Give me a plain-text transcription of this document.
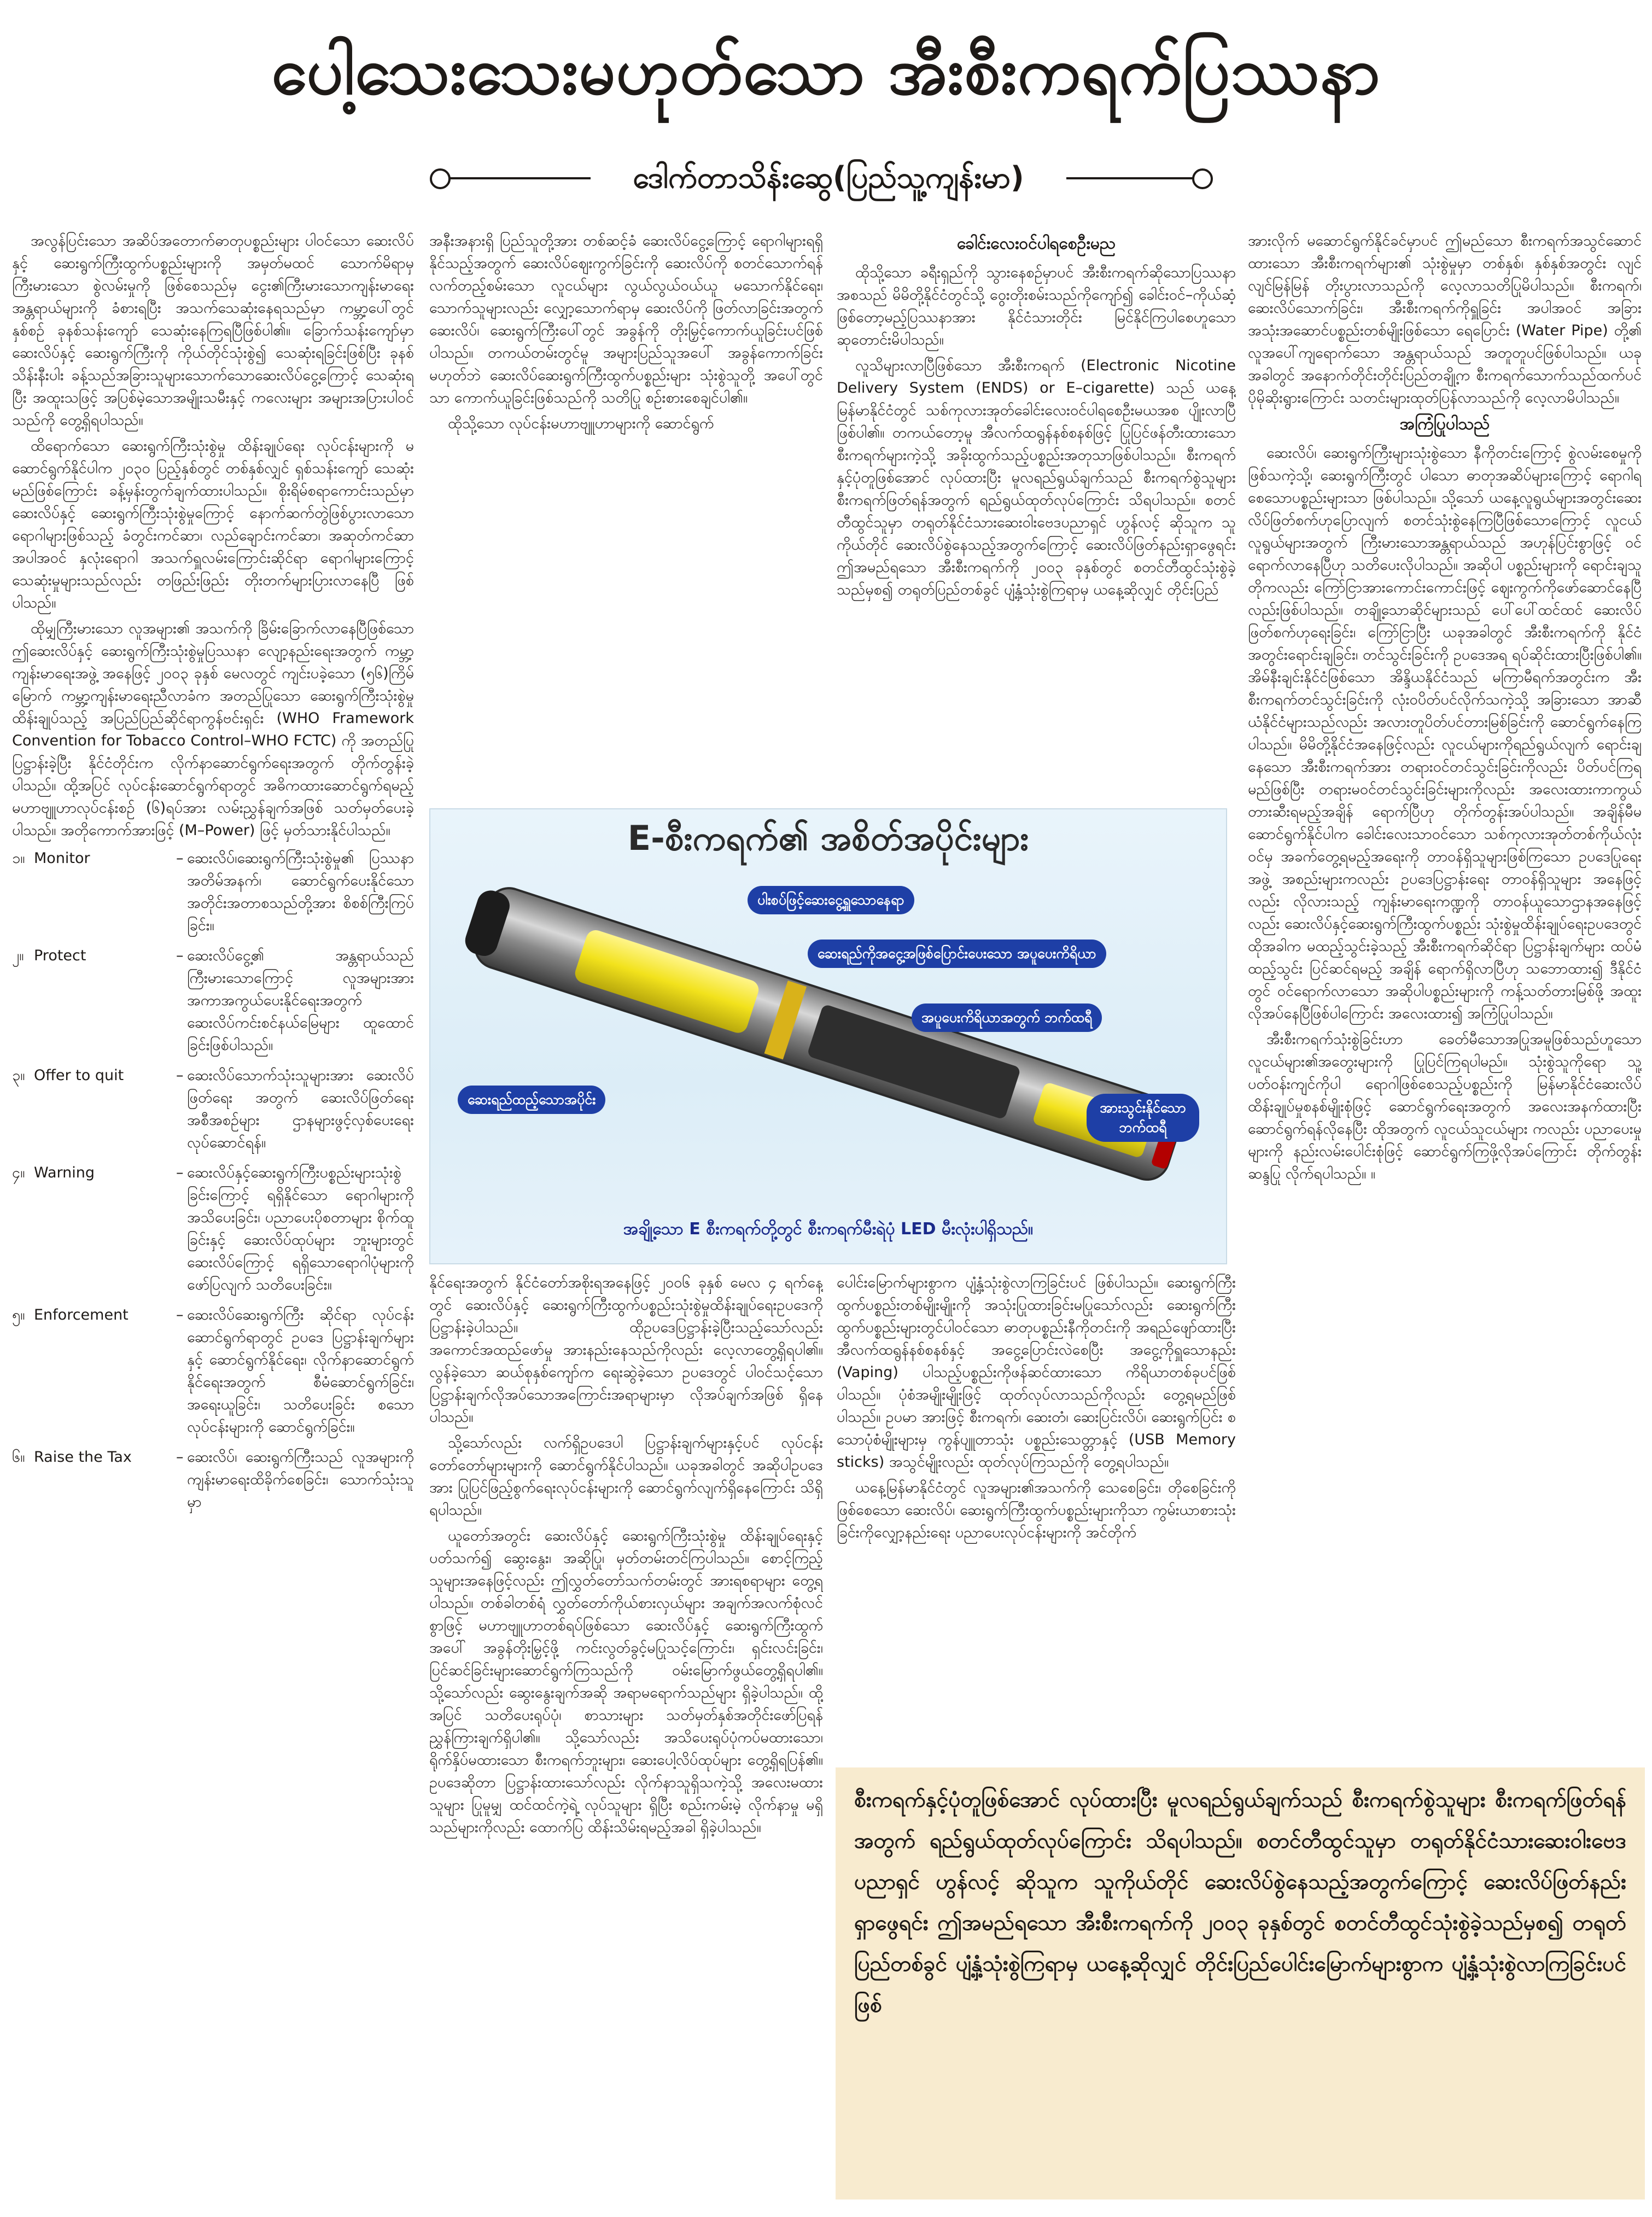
ပေါ့သေးသေးမဟုတ်သော အီးစီးကရက်ပြဿနာ
ဒေါက်တာသိန်းဆွေ(ပြည်သူ့ကျန်းမာ)

အလွန်ပြင်းသော အဆိပ်အတောက်ဓာတုပစ္စည်းများ ပါဝင်သော ဆေးလိပ်နှင့် ဆေးရွက်ကြီးထွက်ပစ္စည်းများကို အမှတ်မထင် သောက်မိရာမှ ကြီးမားသော စွဲလမ်းမှုကို ဖြစ်စေသည်မှ ငွေး၏ကြီးမားသောကျန်းမာရေးအန္တရာယ်များကို ခံစားရပြီး အသက်သေဆုံးနေရသည်မှာ ကမ္ဘာ့ပေါ်တွင် နှစ်စဉ် ခုနစ်သန်းကျော် သေဆုံးနေကြရပြီဖြစ်ပါ၏။ ခြောက်သန်းကျော်မှာ ဆေးလိပ်နှင့် ဆေးရွက်ကြီးကို ကိုယ်တိုင်သုံးစွဲ၍ သေဆုံးရခြင်းဖြစ်ပြီး ခုနစ်သိန်းနီးပါး ခန့်သည်အခြားသူများသောက်သောဆေးလိပ်ငွေ့ကြောင့် သေဆုံးရပြီး အထူးသဖြင့် အပြစ်မဲ့သောအမျိုးသမီးနှင့် ကလေးများ အများအပြားပါဝင်သည်ကို တွေ့ရှိရပါသည်။

ထိရောက်သော ဆေးရွက်ကြီးသုံးစွဲမှု ထိန်းချုပ်ရေး လုပ်ငန်းများကို မဆောင်ရွက်နိုင်ပါက ၂၀၃၀ ပြည့်နှစ်တွင် တစ်နှစ်လျှင် ရှစ်သန်းကျော် သေဆုံးမည်ဖြစ်ကြောင်း ခန့်မှန်းတွက်ချက်ထားပါသည်။ စိုးရိမ်စရာကောင်းသည်မှာ ဆေးလိပ်နှင့် ဆေးရွက်ကြီးသုံးစွဲမှုကြောင့် နောက်ဆက်တွဲဖြစ်ပွားလာသော ရောဂါများဖြစ်သည့် ခံတွင်းကင်ဆာ၊ လည်ချောင်းကင်ဆာ၊ အဆုတ်ကင်ဆာ အပါအဝင် နှလုံးရောဂါ အသက်ရှူလမ်းကြောင်းဆိုင်ရာ ရောဂါများကြောင့် သေဆုံးမှုများသည်လည်း တဖြည်းဖြည်း တိုးတက်များပြားလာနေပြီ ဖြစ်ပါသည်။

ထိုမျှကြီးမားသော လူအများ၏ အသက်ကို ခြိမ်းခြောက်လာနေပြီဖြစ်သော ဤဆေးလိပ်နှင့် ဆေးရွက်ကြီးသုံးစွဲမှုပြဿနာ လျော့နည်းရေးအတွက် ကမ္ဘာ့ကျန်းမာရေးအဖွဲ့ အနေဖြင့် ၂၀၀၃ ခုနှစ် မေလတွင် ကျင်းပခဲ့သော (၅၆)ကြိမ်မြောက် ကမ္ဘာ့ကျန်းမာရေးညီလာခံက အတည်ပြုသော ဆေးရွက်ကြီးသုံးစွဲမှုထိန်းချုပ်သည့် အပြည်ပြည်ဆိုင်ရာကွန်ဗင်းရှင်း (WHO Framework Convention for Tobacco Control–WHO FCTC) ကို အတည်ပြုပြဋ္ဌာန်းခဲ့ပြီး နိုင်ငံတိုင်းက လိုက်နာဆောင်ရွက်ရေးအတွက် တိုက်တွန်းခဲ့ပါသည်။ ထို့အပြင် လုပ်ငန်းဆောင်ရွက်ရာတွင် အဓိကထားဆောင်ရွက်ရမည့် မဟာဗျူဟာလုပ်ငန်းစဉ် (၆)ရပ်အား လမ်းညွှန်ချက်အဖြစ် သတ်မှတ်ပေးခဲ့ပါသည်။ အတိုကောက်အားဖြင့် (M–Power) ဖြင့် မှတ်သားနိုင်ပါသည်။

၁။ Monitor	– ဆေးလိပ်၊ဆေးရွက်ကြီးသုံးစွဲမှု၏ ပြဿနာအတိမ်အနက်၊ ဆောင်ရွက်ပေးနိုင်သော အတိုင်းအတာစသည်တို့အား စိစစ်ကြီးကြပ်ခြင်း။
၂။ Protect	– ဆေးလိပ်ငွေ့၏ အန္တရာယ်သည် ကြီးမားသောကြောင့် လူအများအား အကာအကွယ်ပေးနိုင်ရေးအတွက် ဆေးလိပ်ကင်းစင်နယ်မြေများ ထူထောင်ခြင်းဖြစ်ပါသည်။
၃။ Offer to quit	– ဆေးလိပ်သောက်သုံးသူများအား ဆေးလိပ်ဖြတ်ရေး အတွက် ဆေးလိပ်ဖြတ်ရေး အစီအစဉ်များ ဌာနများဖွင့်လှစ်ပေးရေး လုပ်ဆောင်ရန်။
၄။ Warning	– ဆေးလိပ်နှင့်ဆေးရွက်ကြီးပစ္စည်းများသုံးစွဲခြင်းကြောင့် ရရှိနိုင်သော ရောဂါများကို အသိပေးခြင်း၊ ပညာပေးပိုစတာများ စိုက်ထူခြင်းနှင့် ဆေးလိပ်ထုပ်များ ဘူးများတွင် ဆေးလိပ်ကြောင့် ရရှိသောရောဂါပုံများကို ဖော်ပြလျက် သတိပေးခြင်း။
၅။ Enforcement	– ဆေးလိပ်ဆေးရွက်ကြီး ဆိုင်ရာ လုပ်ငန်း ဆောင်ရွက်ရာတွင် ဥပဒေ ပြဋ္ဌာန်းချက်များနှင့် ဆောင်ရွက်နိုင်ရေး၊ လိုက်နာဆောင်ရွက်နိုင်ရေးအတွက် စီမံဆောင်ရွက်ခြင်း၊ အရေးယူခြင်း၊ သတိပေးခြင်း စသောလုပ်ငန်းများကို ဆောင်ရွက်ခြင်း။
၆။ Raise the Tax	– ဆေးလိပ်၊ ဆေးရွက်ကြီးသည် လူအများကို ကျန်းမာရေးထိခိုက်စေခြင်း၊ သောက်သုံးသူမှာ

အနီးအနားရှိ ပြည်သူတို့အား တစ်ဆင့်ခံ ဆေးလိပ်ငွေ့ကြောင့် ရောဂါများရရှိနိုင်သည့်အတွက် ဆေးလိပ်ဈေးကွက်ခြင်းကို ဆေးလိပ်ကို စတင်သောက်ရန် လက်တည့်စမ်းသော လူငယ်များ လွယ်လွယ်ဝယ်ယူ မသောက်နိုင်ရေး၊ သောက်သူများလည်း လျှော့သောက်ရာမှ ဆေးလိပ်ကို ဖြတ်လာခြင်းအတွက် ဆေးလိပ်၊ ဆေးရွက်ကြီးပေါ်တွင် အခွန်ကို တိုးမြှင့်ကောက်ယူခြင်းပင်ဖြစ်ပါသည်။ တကယ်တမ်းတွင်မူ အများပြည်သူအပေါ် အခွန်ကောက်ခြင်းမဟုတ်ဘဲ ဆေးလိပ်ဆေးရွက်ကြီးထွက်ပစ္စည်းများ သုံးစွဲသူတို့ အပေါ်တွင်သာ ကောက်ယူခြင်းဖြစ်သည်ကို သတိပြု စဉ်းစားစေချင်ပါ၏။

ထိုသို့သော လုပ်ငန်းမဟာဗျူဟာများကို ဆောင်ရွက်

ခေါင်းလေးဝင်ပါရစေဦးမည

ထိုသို့သော ခရီးရှည်ကို သွားနေစဉ်မှာပင် အီးစီးကရက်ဆိုသောပြဿနာအစသည် မိမိတို့နိုင်ငံတွင်သို့ ဝွေးတိုးစမ်းသည်ကိုကျော်၍ ခေါင်းဝင်–ကိုယ်ဆံ့ဖြစ်တော့မည့်ပြဿနာအား နိုင်ငံသားတိုင်း မြင်နိုင်ကြပါစေဟူသော ဆုတောင်းမိပါသည်။

လူသိများလာပြီဖြစ်သော အီးစီးကရက် (Electronic Nicotine Delivery System (ENDS) or E–cigarette) သည် ယနေ့မြန်မာနိုင်ငံတွင် သစ်ကုလားအုတ်ခေါင်းလေးဝင်ပါရစေဦးမယအစ ပျိုးလာပြီဖြစ်ပါ၏။ တကယ်တော့မူ အီလက်ထရွန်နစ်စနစ်ဖြင့် ပြုပြင်ဖန်တီးထားသော စီးကရက်များကဲ့သို့ အခိုးထွက်သည့်ပစ္စည်းအတုသာဖြစ်ပါသည်။ စီးကရက်နှင့်ပုံတူဖြစ်အောင် လုပ်ထားပြီး မူလရည်ရွယ်ချက်သည် စီးကရက်စွဲသူများ စီးကရက်ဖြတ်ရန်အတွက် ရည်ရွယ်ထုတ်လုပ်ကြောင်း သိရပါသည်။ စတင်တီထွင်သူမှာ တရုတ်နိုင်ငံသားဆေးဝါးဗေဒပညာရှင် ဟွန်လင့် ဆိုသူက သူကိုယ်တိုင် ဆေးလိပ်စွဲနေသည့်အတွက်ကြောင့် ဆေးလိပ်ဖြတ်နည်းရှာဖွေရင်း ဤအမည်ရသော အီးစီးကရက်ကို ၂၀၀၃ ခုနှစ်တွင် စတင်တီထွင်သုံးစွဲခဲ့သည်မှစ၍ တရုတ်ပြည်တစ်ခွင် ပျံ့နှံ့သုံးစွဲကြရာမှ ယနေ့ဆိုလျှင် တိုင်းပြည်

အားလိုက် မဆောင်ရွက်နိုင်ခင်မှာပင် ဤမည်သော စီးကရက်အသွင်ဆောင်ထားသော အီးစီးကရက်များ၏ သုံးစွဲမှုမှာ တစ်နှစ်၊ နှစ်နှစ်အတွင်း လျင်လျင်မြန်မြန် တိုးပွားလာသည်ကို လေ့လာသတိပြုမိပါသည်။ စီးကရက်၊ ဆေးလိပ်သောက်ခြင်း၊ အီးစီးကရက်ကိုရှူခြင်း အပါအဝင် အခြားအသုံးအဆောင်ပစ္စည်းတစ်မျိုးဖြစ်သော ရေပြောင်း (Water Pipe) တို့၏ လူအပေါ်ကျရောက်သော အန္တရာယ်သည် အတူတူပင်ဖြစ်ပါသည်။ ယခုအခါတွင် အနောက်တိုင်းတိုင်းပြည်တချို့က စီးကရက်သောက်သည်ထက်ပင် ပိုမိုဆိုးရွားကြောင်း သတင်းများထုတ်ပြန်လာသည်ကို လေ့လာမိပါသည်။

အကြံပြုပါသည်

ဆေးလိပ်၊ ဆေးရွက်ကြီးများသုံးစွဲသော နီကိုတင်းကြောင့် စွဲလမ်းစေမှုကိုဖြစ်သကဲ့သို့၊ ဆေးရွက်ကြီးတွင် ပါသော ဓာတုအဆိပ်များကြောင့် ရောဂါရစေသောပစ္စည်းများသာ ဖြစ်ပါသည်။ သို့သော် ယနေ့လူရွယ်များအတွင်းဆေးလိပ်ဖြတ်စက်ဟုပြောလျက် စတင်သုံးစွဲနေကြပြီဖြစ်သောကြောင့် လူငယ်လူရွယ်များအတွက် ကြီးမားသောအန္တရာယ်သည် အဟုန်ပြင်းစွာဖြင့် ဝင်ရောက်လာနေပြီဟု သတိပေးလိုပါသည်။ အဆိုပါ ပစ္စည်းများကို ရောင်းချသူတိုကလည်း ကြော်ငြာအားကောင်းကောင်းဖြင့် ဈေးကွက်ကိုဖော်ဆောင်နေပြီလည်းဖြစ်ပါသည်။ တချို့သောဆိုင်များသည် ပေါ်ပေါ်ထင်ထင် ဆေးလိပ်ဖြတ်စက်ဟုရေးခြင်း၊ ကြော်ငြာပြီး ယခုအခါတွင် အီးစီးကရက်ကို နိုင်ငံအတွင်းရောင်းချခြင်း၊ တင်သွင်းခြင်းကို ဥပဒေအရ ရပ်ဆိုင်းထားပြီးဖြစ်ပါ၏။ အိမ်နီးချင်းနိုင်ငံဖြစ်သော အိန္ဒိယနိုင်ငံသည် မကြာမီရက်အတွင်းက အီးစီးကရက်တင်သွင်းခြင်းကို လုံးဝပိတ်ပင်လိုက်သကဲ့သို့ အခြားသော အာဆီယံနိုင်ငံများသည်လည်း အလားတူပိတ်ပင်တားမြစ်ခြင်းကို ဆောင်ရွက်နေကြပါသည်။ မိမိတို့နိုင်ငံအနေဖြင့်လည်း လူငယ်များကိုရည်ရွယ်လျက် ရောင်းချနေသော အီးစီးကရက်အား တရားဝင်တင်သွင်းခြင်းကိုလည်း ပိတ်ပင်ကြရမည်ဖြစ်ပြီး တရားမဝင်တင်သွင်းခြင်းများကိုလည်း အလေးထားကာကွယ်တားဆီးရမည့်အချိန် ရောက်ပြီဟု တိုက်တွန်းအပ်ပါသည်။ အချိန်မီမဆောင်ရွက်နိုင်ပါက ခေါင်းလေးသာဝင်သော သစ်ကုလားအုတ်တစ်ကိုယ်လုံးဝင်မှ အခက်တွေ့ရမည့်အရေးကို တာဝန်ရှိသူများဖြစ်ကြသော ဥပဒေပြုရေးအဖွဲ့ အစည်းများကလည်း ဥပဒေပြဋ္ဌာန်းရေး တာဝန်ရှိသူများ အနေဖြင့်လည်း လိုလားသည့် ကျန်းမာရေးကဏ္ဍကို တာဝန်ယူသောဌာနအနေဖြင့်လည်း ဆေးလိပ်နှင့်ဆေးရွက်ကြီးထွက်ပစ္စည်း သုံးစွဲမှုထိန်းချုပ်ရေးဥပဒေတွင် ထိုအခါက မထည့်သွင်းခဲ့သည့် အီးစီးကရက်ဆိုင်ရာ ပြဋ္ဌာန်းချက်များ ထပ်မံထည့်သွင်း ပြင်ဆင်ရမည့် အချိန် ရောက်ရှိလာပြီဟု သဘောထား၍ ဒီနိုင်ငံတွင် ဝင်ရောက်လာသော အဆိုပါပစ္စည်းများကို ကန့်သတ်တားမြစ်ဖို့ အထူးလိုအပ်နေပြီဖြစ်ပါကြောင်း အလေးထား၍ အကြံပြုပါသည်။

အီးစီးကရက်သုံးစွဲခြင်းဟာ ခေတ်မီသောအပြုအမူဖြစ်သည်ဟူသော လူငယ်များ၏အတွေးများကို ပြုပြင်ကြရပါမည်။ သုံးစွဲသူကိုရော သူ့ပတ်ဝန်းကျင်ကိုပါ ရောဂါဖြစ်စေသည့်ပစ္စည်းကို မြန်မာနိုင်ငံဆေးလိပ်ထိန်းချုပ်မှုစနစ်မျိုးစုံဖြင့် ဆောင်ရွက်ရေးအတွက် အလေးအနက်ထားပြီး ဆောင်ရွက်ရန်လိုနေပြီး ထိုအတွက် လူငယ်သူငယ်များ ကလည်း ပညာပေးမှုများကို နည်းလမ်းပေါင်းစုံဖြင့် ဆောင်ရွက်ကြဖို့လိုအပ်ကြောင်း တိုက်တွန်းဆန္ဒပြု လိုက်ရပါသည်။ ။

E-စီးကရက်၏ အစိတ်အပိုင်းများ
ပါးစပ်ဖြင့်ဆေးငွေ့ရှူသောနေရာ
ဆေးရည်ကိုအငွေ့အဖြစ်ပြောင်းပေးသော အပူပေးကိရိယာ
အပူပေးကိရိယာအတွက် ဘက်ထရီ
ဆေးရည်ထည့်သောအပိုင်း
အားသွင်းနိုင်သော ဘက်ထရီ
အချို့သော E စီးကရက်တို့တွင် စီးကရက်မီးရဲပုံ LED မီးလုံးပါရှိသည်။

နိုင်ရေးအတွက် နိုင်ငံတော်အစိုးရအနေဖြင့် ၂၀၀၆ ခုနှစ် မေလ ၄ ရက်နေ့တွင် ဆေးလိပ်နှင့် ဆေးရွက်ကြီးထွက်ပစ္စည်းသုံးစွဲမှုထိန်းချုပ်ရေးဥပဒေကို ပြဋ္ဌာန်းခဲ့ပါသည်။ ထိုဥပဒေပြဋ္ဌာန်းခဲ့ပြီးသည့်သော်လည်း အကောင်အထည်ဖော်မှု အားနည်းနေသည်ကိုလည်း လေ့လာတွေ့ရှိရပါ၏။ လွန်ခဲ့သော ဆယ်စုနှစ်ကျော်က ရေးဆွဲခဲ့သော ဥပဒေတွင် ပါဝင်သင့်သော ပြဋ္ဌာန်းချက်လိုအပ်သောအကြောင်းအရာများမှာ လိုအပ်ချက်အဖြစ် ရှိနေပါသည်။

သို့သော်လည်း လက်ရှိဥပဒေပါ ပြဋ္ဌာန်းချက်များနှင့်ပင် လုပ်ငန်းတော်တော်များများကို ဆောင်ရွက်နိုင်ပါသည်။ ယခုအခါတွင် အဆိုပါဥပဒေအား ပြုပြင်ဖြည့်စွက်ရေးလုပ်ငန်းများကို ဆောင်ရွက်လျက်ရှိနေကြောင်း သိရှိရပါသည်။

ယူတော်အတွင်း ဆေးလိပ်နှင့် ဆေးရွက်ကြီးသုံးစွဲမှု ထိန်းချုပ်ရေးနှင့်ပတ်သက်၍ ဆွေးနွေး၊ အဆိုပြု၊ မှတ်တမ်းတင်ကြပါသည်။ စောင့်ကြည့်သူများအနေဖြင့်လည်း ဤလွှတ်တော်သက်တမ်းတွင် အားရစရာများ တွေ့ရပါသည်။ တစ်ခါတစ်ရံ လွှတ်တော်ကိုယ်စားလှယ်များ အချက်အလက်စုံလင်စွာဖြင့် မဟာဗျူဟာတစ်ရပ်ဖြစ်သော ဆေးလိပ်နှင့် ဆေးရွက်ကြီးထွက်အပေါ် အခွန်တိုးမြှင့်ဖို့ ကင်းလွတ်ခွင့်မပြုသင့်ကြောင်း၊ ရှင်းလင်းခြင်း၊ ပြင်ဆင်ခြင်းများဆောင်ရွက်ကြသည်ကို ဝမ်းမြောက်ဖွယ်တွေ့ရှိရပါ၏။ သို့သော်လည်း ဆွေးနွေးချက်အဆို အရာမရောက်သည်များ ရှိခဲ့ပါသည်။ ထို့အပြင် သတိပေးရုပ်ပုံ၊ စာသားများ သတ်မှတ်နှစ်အတိုင်းဖော်ပြရန် ညွှန်ကြားချက်ရှိပါ၏။ သို့သော်လည်း အသိပေးရုပ်ပုံကပ်မထားသော၊ ရိုက်နှိပ်မထားသော စီးကရက်ဘူးများ၊ ဆေးပေါ့လိပ်ထုပ်များ တွေ့ရှိရပြန်၏။ ဥပဒေဆိုတာ ပြဋ္ဌာန်းထားသော်လည်း လိုက်နာသူရှိသကဲ့သို့ အလေးမထားသူများ ပြုမူမျှ ထင်ထင်ကဲ့ရဲ့ လုပ်သူများ ရှိပြီး စည်းကမ်းမဲ့ လိုက်နာမှု မရှိသည်များကိုလည်း ထောက်ပြ ထိန်းသိမ်းရမည့်အခါ ရှိခဲ့ပါသည်။

ပေါင်းမြောက်များစွာက ပျံ့နှံ့သုံးစွဲလာကြခြင်းပင် ဖြစ်ပါသည်။ ဆေးရွက်ကြီးထွက်ပစ္စည်းတစ်မျိုးမျိုးကို အသုံးပြုထားခြင်းမပြုသော်လည်း ဆေးရွက်ကြီးထွက်ပစ္စည်းများတွင်ပါဝင်သော ဓာတုပစ္စည်းနီကိုတင်းကို အရည်ဖျော်ထားပြီး အီလက်ထရွန်နစ်စနစ်နှင့် အငွေ့ပြောင်းလဲစေပြီး အငွေ့ကိုရှူသောနည်း (Vaping) ပါသည့်ပစ္စည်းကိုဖန်ဆင်ထားသော ကိရိယာတစ်ခုပင်ဖြစ်ပါသည်။ ပုံစံအမျိုးမျိုးဖြင့် ထုတ်လုပ်လာသည်ကိုလည်း တွေ့ရမည်ဖြစ်ပါသည်။ ဥပမာ အားဖြင့် စီးကရက်၊ ဆေးတံ၊ ဆေးပြင်းလိပ်၊ ဆေးရွက်ပြင်း စသောပုံစံမျိုးများမှ ကွန်ပျူတာသုံး ပစ္စည်းသေတ္တာနှင့် (USB Memory sticks) အသွင်မျိုးလည်း ထုတ်လုပ်ကြသည်ကို တွေ့ရပါသည်။

ယနေ့မြန်မာနိုင်ငံတွင် လူအများ၏အသက်ကို သေစေခြင်း၊ တိုစေခြင်းကိုဖြစ်စေသော ဆေးလိပ်၊ ဆေးရွက်ကြီးထွက်ပစ္စည်းများကိုသာ ကွမ်းယာစားသုံးခြင်းကိုလျှော့နည်းရေး ပညာပေးလုပ်ငန်းများကို အင်တိုက်

စီးကရက်နှင့်ပုံတူဖြစ်အောင် လုပ်ထားပြီး မူလရည်ရွယ်ချက်သည် စီးကရက်စွဲသူများ စီးကရက်ဖြတ်ရန်အတွက် ရည်ရွယ်ထုတ်လုပ်ကြောင်း သိရပါသည်။ စတင်တီထွင်သူမှာ တရုတ်နိုင်ငံသားဆေးဝါးဗေဒပညာရှင် ဟွန်လင့် ဆိုသူက သူကိုယ်တိုင် ဆေးလိပ်စွဲနေသည့်အတွက်ကြောင့် ဆေးလိပ်ဖြတ်နည်းရှာဖွေရင်း ဤအမည်ရသော အီးစီးကရက်ကို ၂၀၀၃ ခုနှစ်တွင် စတင်တီထွင်သုံးစွဲခဲ့သည်မှစ၍ တရုတ်ပြည်တစ်ခွင် ပျံ့နှံ့သုံးစွဲကြရာမှ ယနေ့ဆိုလျှင် တိုင်းပြည်ပေါင်းမြောက်များစွာက ပျံ့နှံ့သုံးစွဲလာကြခြင်းပင်ဖြစ်
